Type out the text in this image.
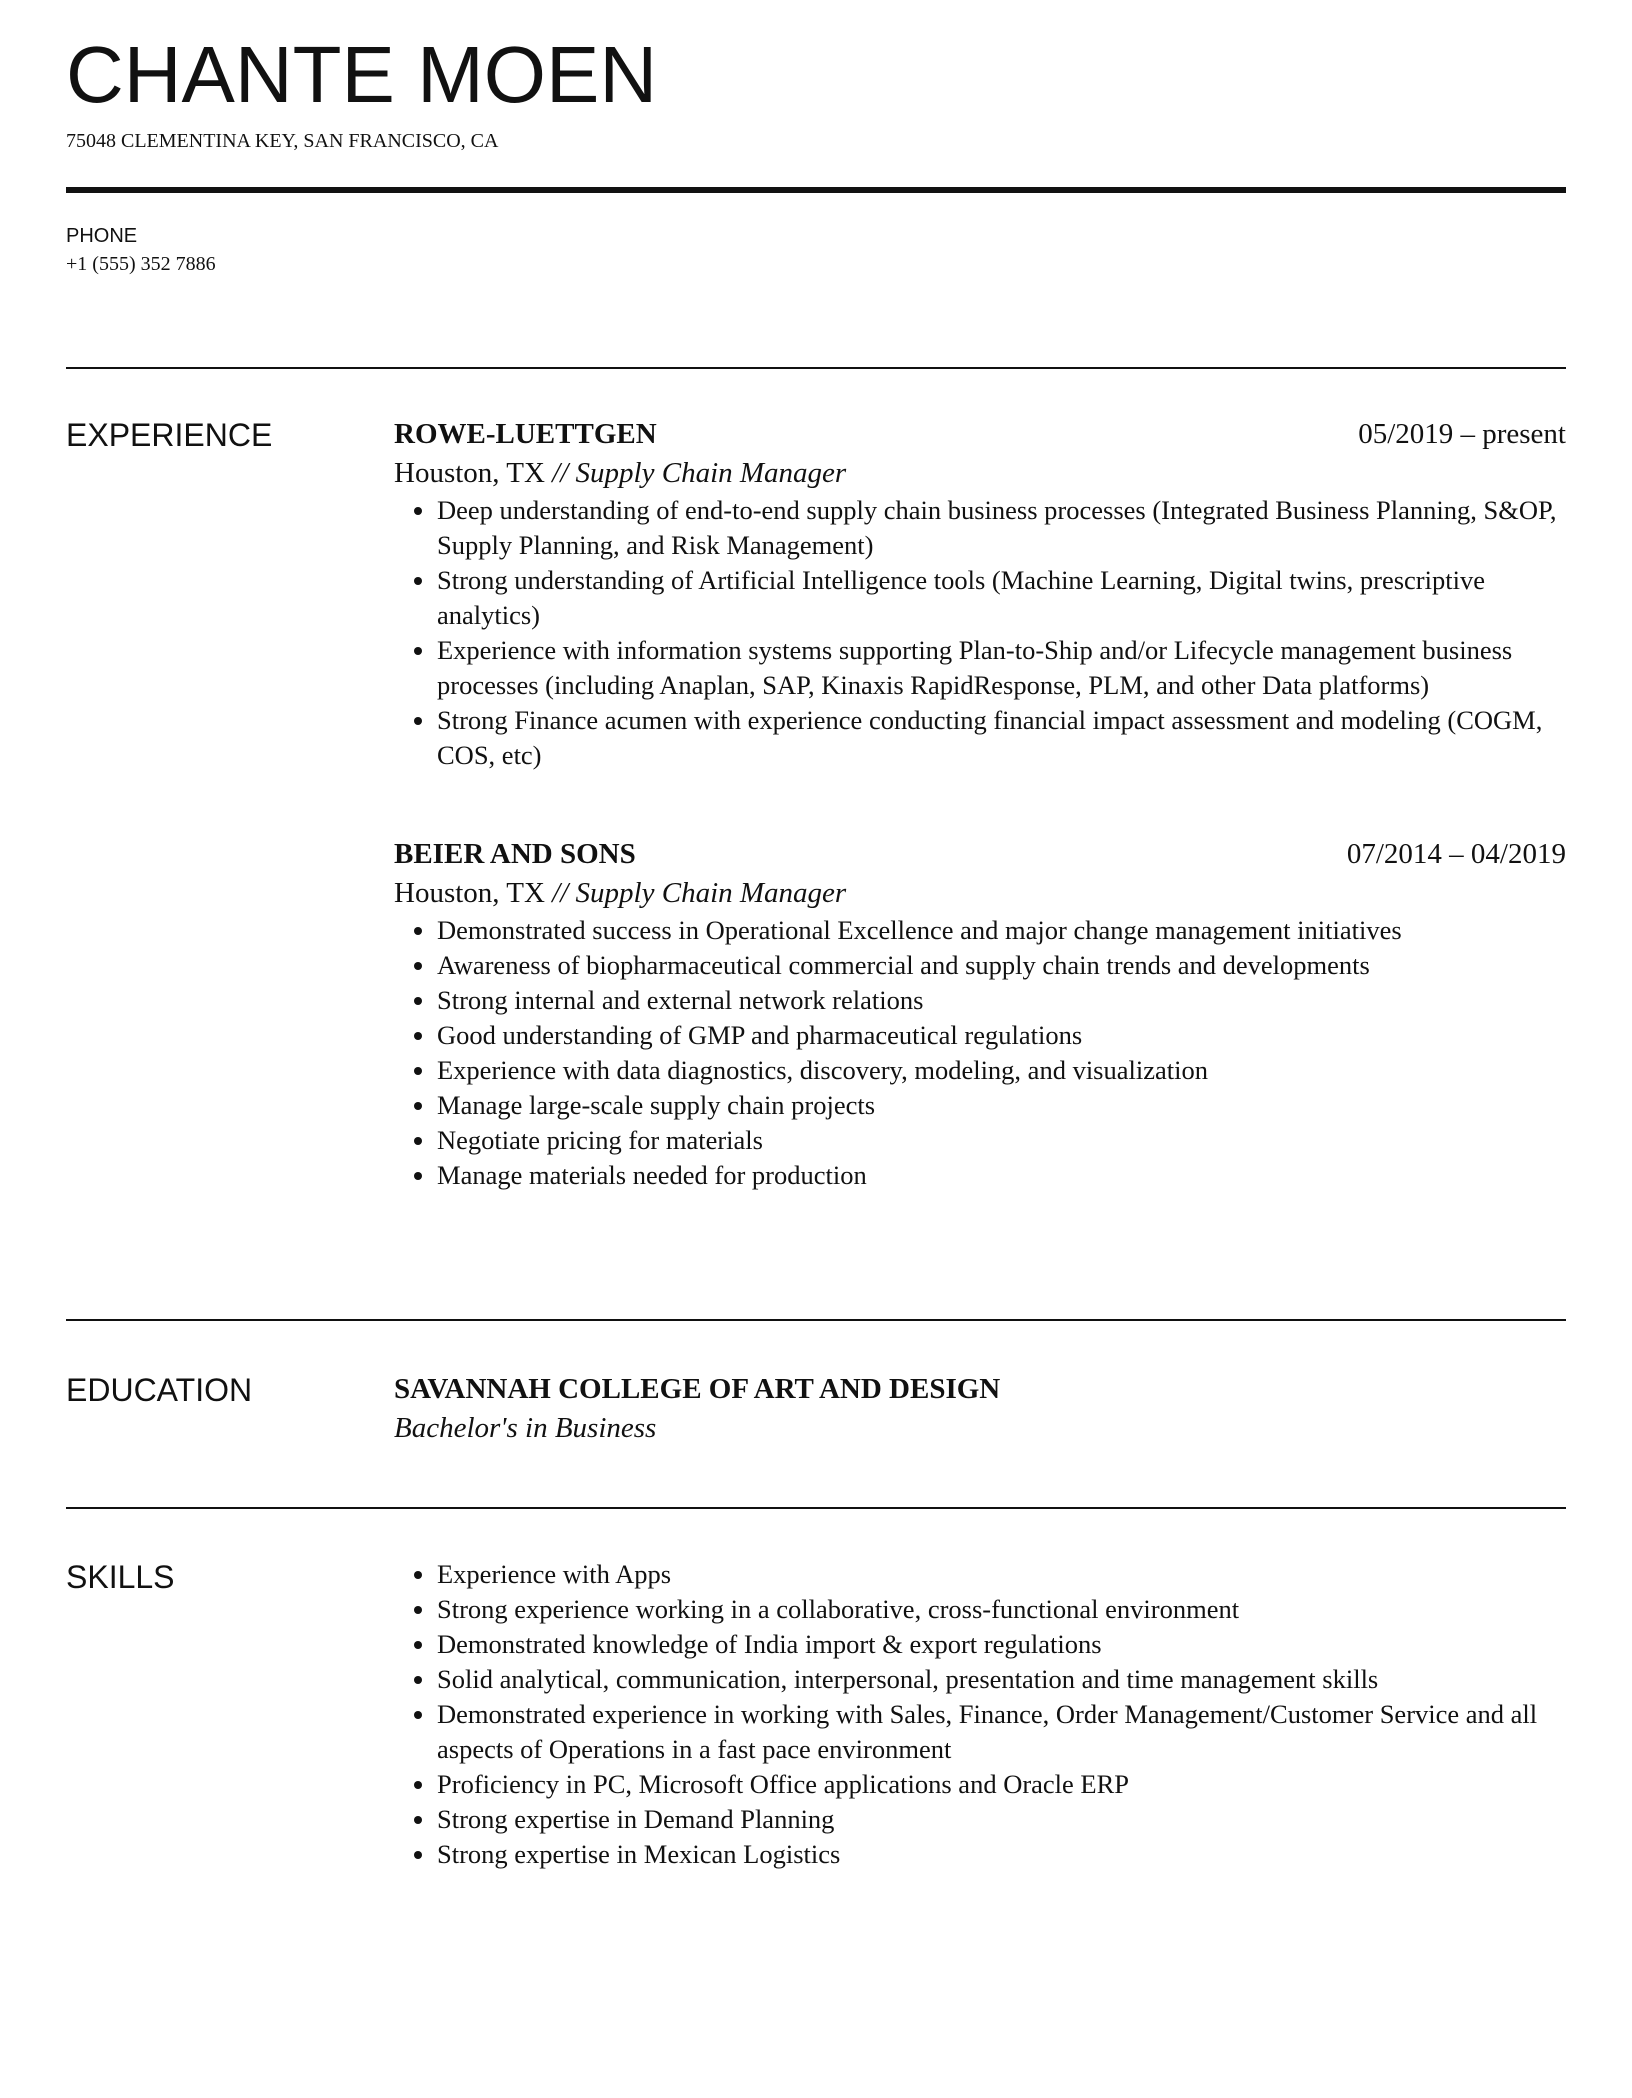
CHANTE MOEN
75048 CLEMENTINA KEY, SAN FRANCISCO, CA
PHONE
+1 (555) 352 7886
EXPERIENCE	ROWE-LUETTGEN	05/2019 – present
Houston, TX // Supply Chain Manager
• Deep understanding of end-to-end supply chain business processes (Integrated Business Planning, S&OP, Supply Planning, and Risk Management)
• Strong understanding of Artificial Intelligence tools (Machine Learning, Digital twins, prescriptive analytics)
• Experience with information systems supporting Plan-to-Ship and/or Lifecycle management business processes (including Anaplan, SAP, Kinaxis RapidResponse, PLM, and other Data platforms)
• Strong Finance acumen with experience conducting financial impact assessment and modeling (COGM, COS, etc)
BEIER AND SONS	07/2014 – 04/2019
Houston, TX // Supply Chain Manager
• Demonstrated success in Operational Excellence and major change management initiatives
• Awareness of biopharmaceutical commercial and supply chain trends and developments
• Strong internal and external network relations
• Good understanding of GMP and pharmaceutical regulations
• Experience with data diagnostics, discovery, modeling, and visualization
• Manage large-scale supply chain projects
• Negotiate pricing for materials
• Manage materials needed for production
EDUCATION	SAVANNAH COLLEGE OF ART AND DESIGN
Bachelor's in Business
SKILLS
•	Experience with Apps
• Strong experience working in a collaborative, cross-functional environment
• Demonstrated knowledge of India import & export regulations
• Solid analytical, communication, interpersonal, presentation and time management skills
• Demonstrated experience in working with Sales, Finance, Order Management/Customer Service and all aspects of Operations in a fast pace environment
• Proficiency in PC, Microsoft Office applications and Oracle ERP
• Strong expertise in Demand Planning
• Strong expertise in Mexican Logistics
